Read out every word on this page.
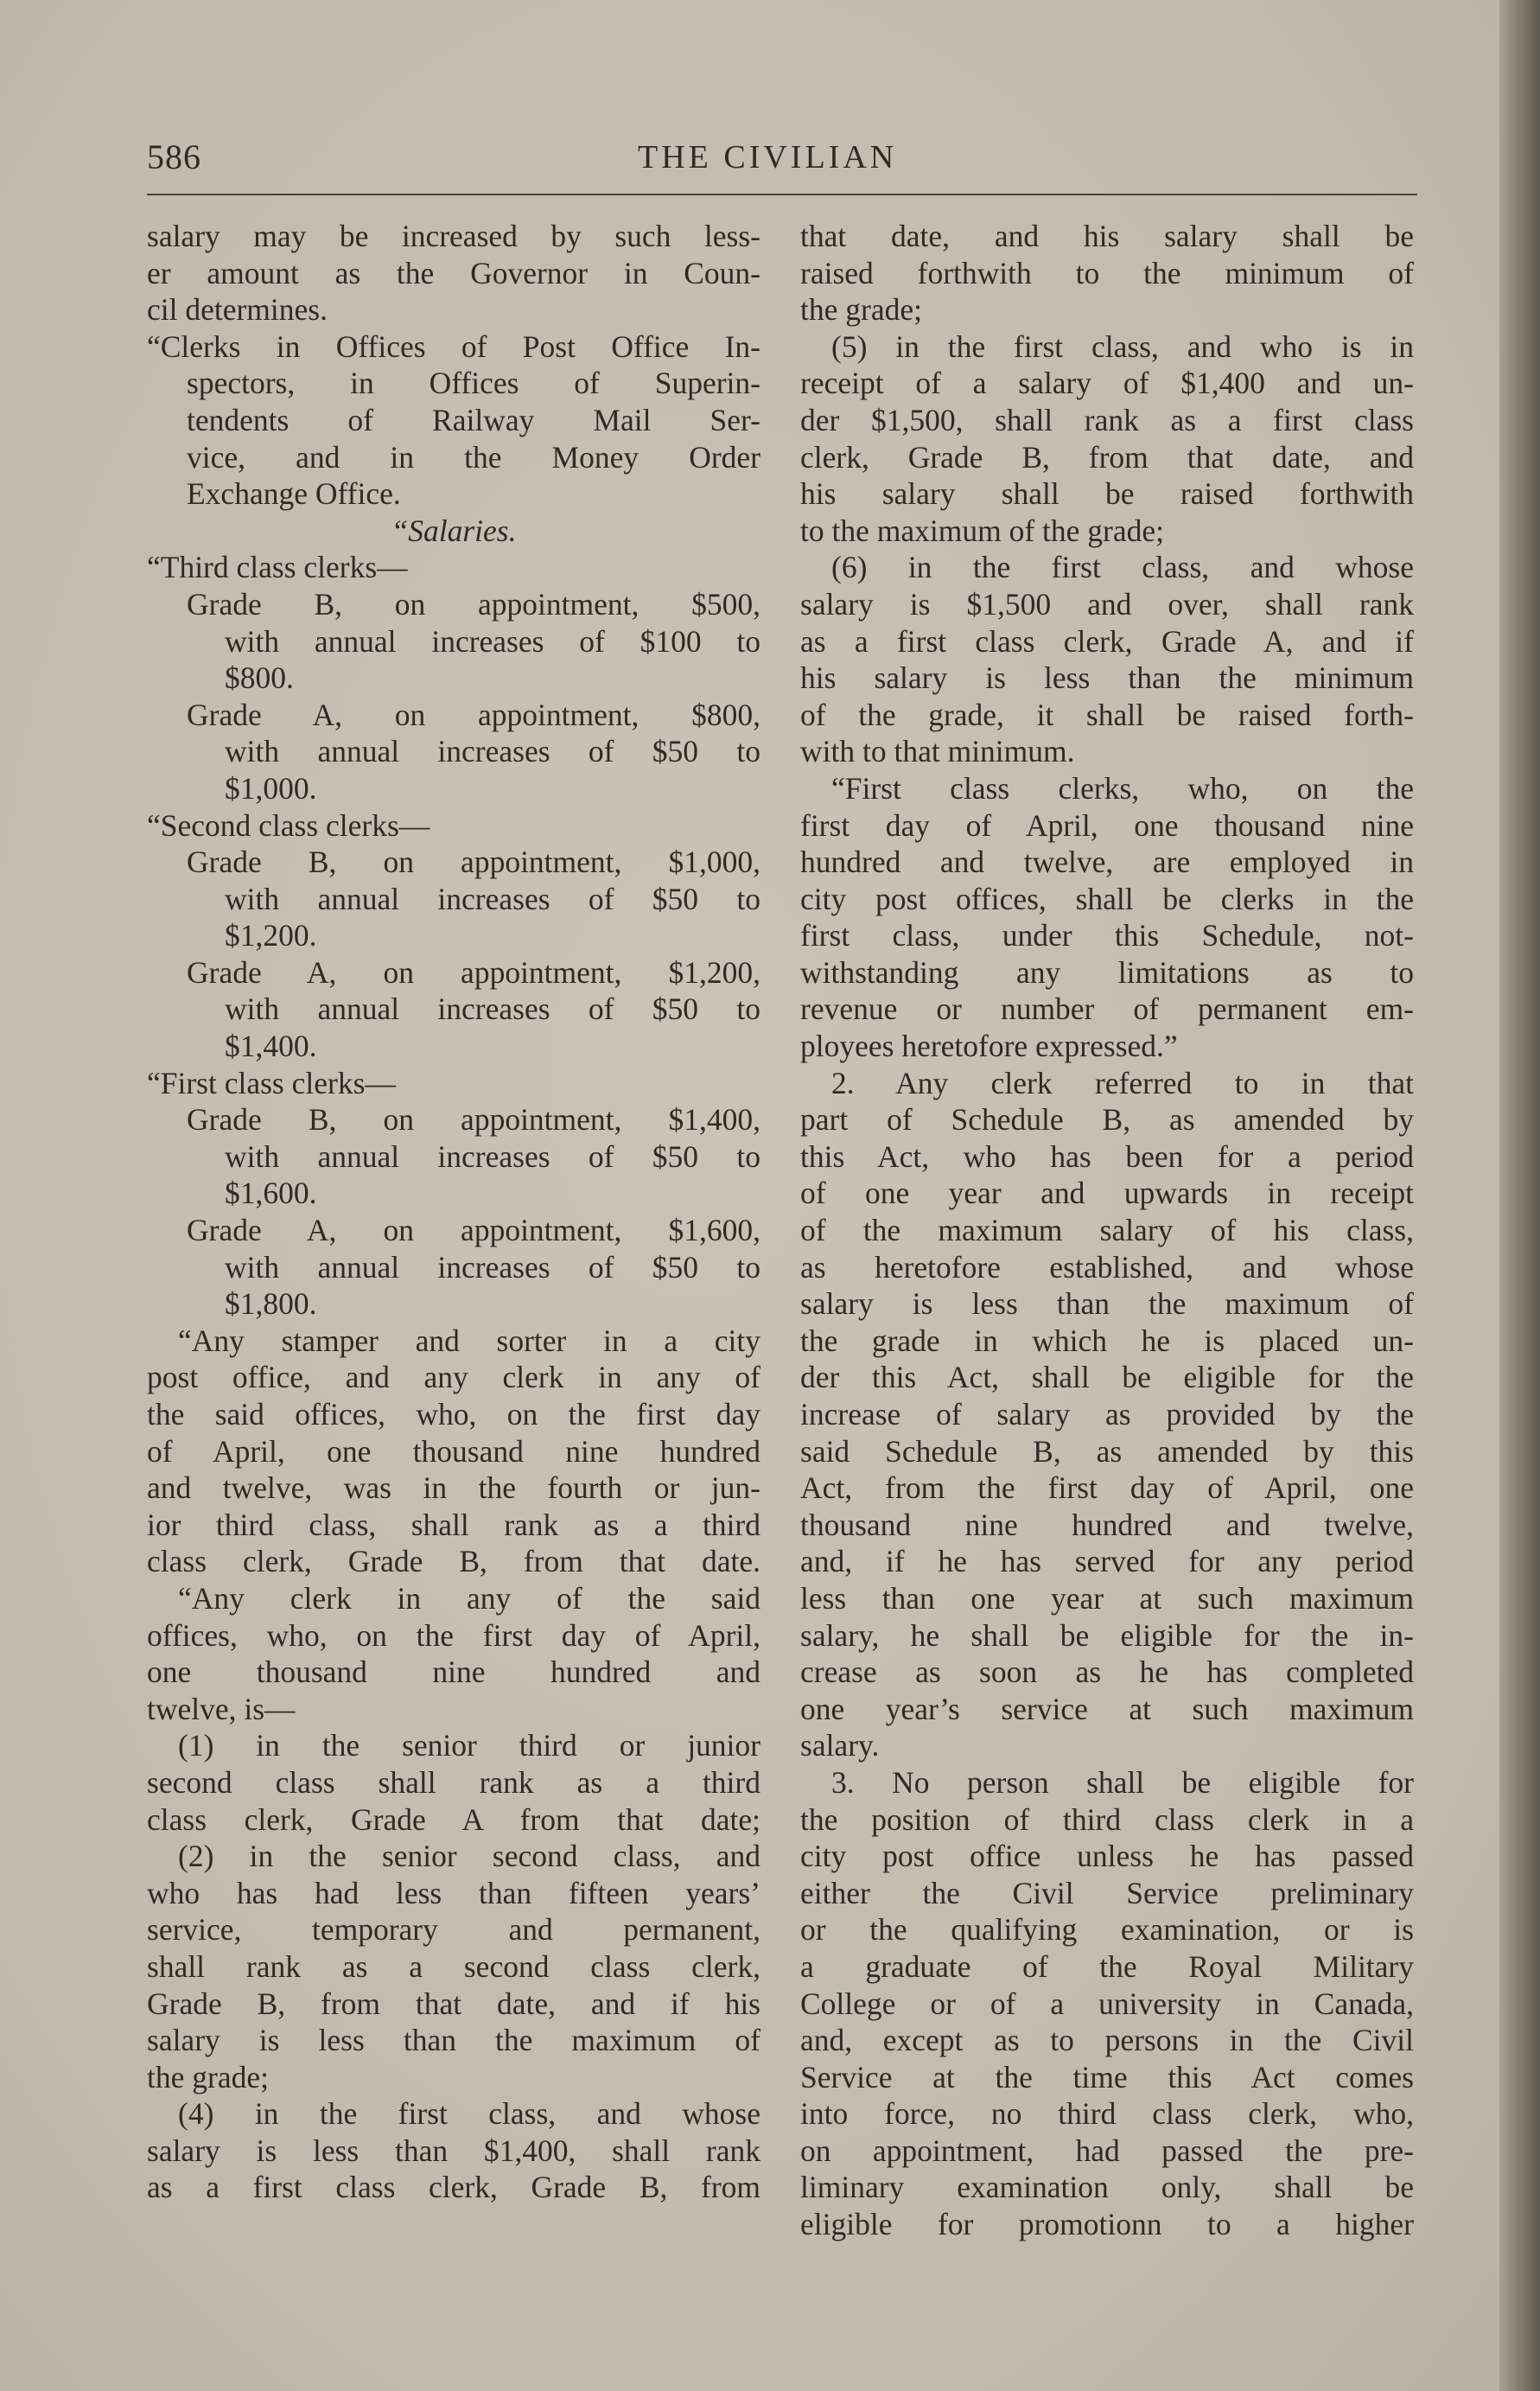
586	THE CIVILIAN
salary may be increased by such less-
er amount as the Governor in Coun-
cil determines.
“Clerks in Offices of Post Office In-
spectors, in Offices of Superin-
tendents of Railway Mail Ser-
vice, and in the Money Order
Exchange Office.
“Salaries.
“Third class clerks—
Grade B, on appointment, $500,
with annual increases of $100 to
$800.
Grade A, on appointment, $800,
with annual increases of $50 to
$1,000.
“Second class clerks—
Grade B, on appointment, $1,000,
with annual increases of $50 to
$1,200.
Grade A, on appointment, $1,200,
with annual increases of $50 to
$1,400.
“First class clerks—
Grade B, on appointment, $1,400,
with annual increases of $50 to
$1,600.
Grade A, on appointment, $1,600,
with annual increases of $50 to
$1,800.
“Any stamper and sorter in a city
post office, and any clerk in any of
the said offices, who, on the first day
of April, one thousand nine hundred
and twelve, was in the fourth or jun-
ior third class, shall rank as a third
class clerk, Grade B, from that date.
“Any clerk in any of the said
offices, who, on the first day of April,
one thousand nine hundred and
twelve, is—
(1) in the senior third or junior
second class shall rank as a third
class clerk, Grade A from that date;
(2) in the senior second class, and
who has had less than fifteen years’
service, temporary and permanent,
shall rank as a second class clerk,
Grade B, from that date, and if his
salary is less than the maximum of
the grade;
(4) in the first class, and whose
salary is less than $1,400, shall rank
as a first class clerk, Grade B, from
that date, and his salary shall be
raised forthwith to the minimum of
the grade;
(5) in the first class, and who is in
receipt of a salary of $1,400 and un-
der $1,500, shall rank as a first class
clerk, Grade B, from that date, and
his salary shall be raised forthwith
to the maximum of the grade;
(6) in the first class, and whose
salary is $1,500 and over, shall rank
as a first class clerk, Grade A, and if
his salary is less than the minimum
of the grade, it shall be raised forth-
with to that minimum.
“First class clerks, who, on the
first day of April, one thousand nine
hundred and twelve, are employed in
city post offices, shall be clerks in the
first class, under this Schedule, not-
withstanding any limitations as to
revenue or number of permanent em-
ployees heretofore expressed.”
2. Any clerk referred to in that
part of Schedule B, as amended by
this Act, who has been for a period
of one year and upwards in receipt
of the maximum salary of his class,
as heretofore established, and whose
salary is less than the maximum of
the grade in which he is placed un-
der this Act, shall be eligible for the
increase of salary as provided by the
said Schedule B, as amended by this
Act, from the first day of April, one
thousand nine hundred and twelve,
and, if he has served for any period
less than one year at such maximum
salary, he shall be eligible for the in-
crease as soon as he has completed
one year’s service at such maximum
salary.
3. No person shall be eligible for
the position of third class clerk in a
city post office unless he has passed
either the Civil Service preliminary
or the qualifying examination, or is
a graduate of the Royal Military
College or of a university in Canada,
and, except as to persons in the Civil
Service at the time this Act comes
into force, no third class clerk, who,
on appointment, had passed the pre-
liminary examination only, shall be
eligible for promotionn to a higher
